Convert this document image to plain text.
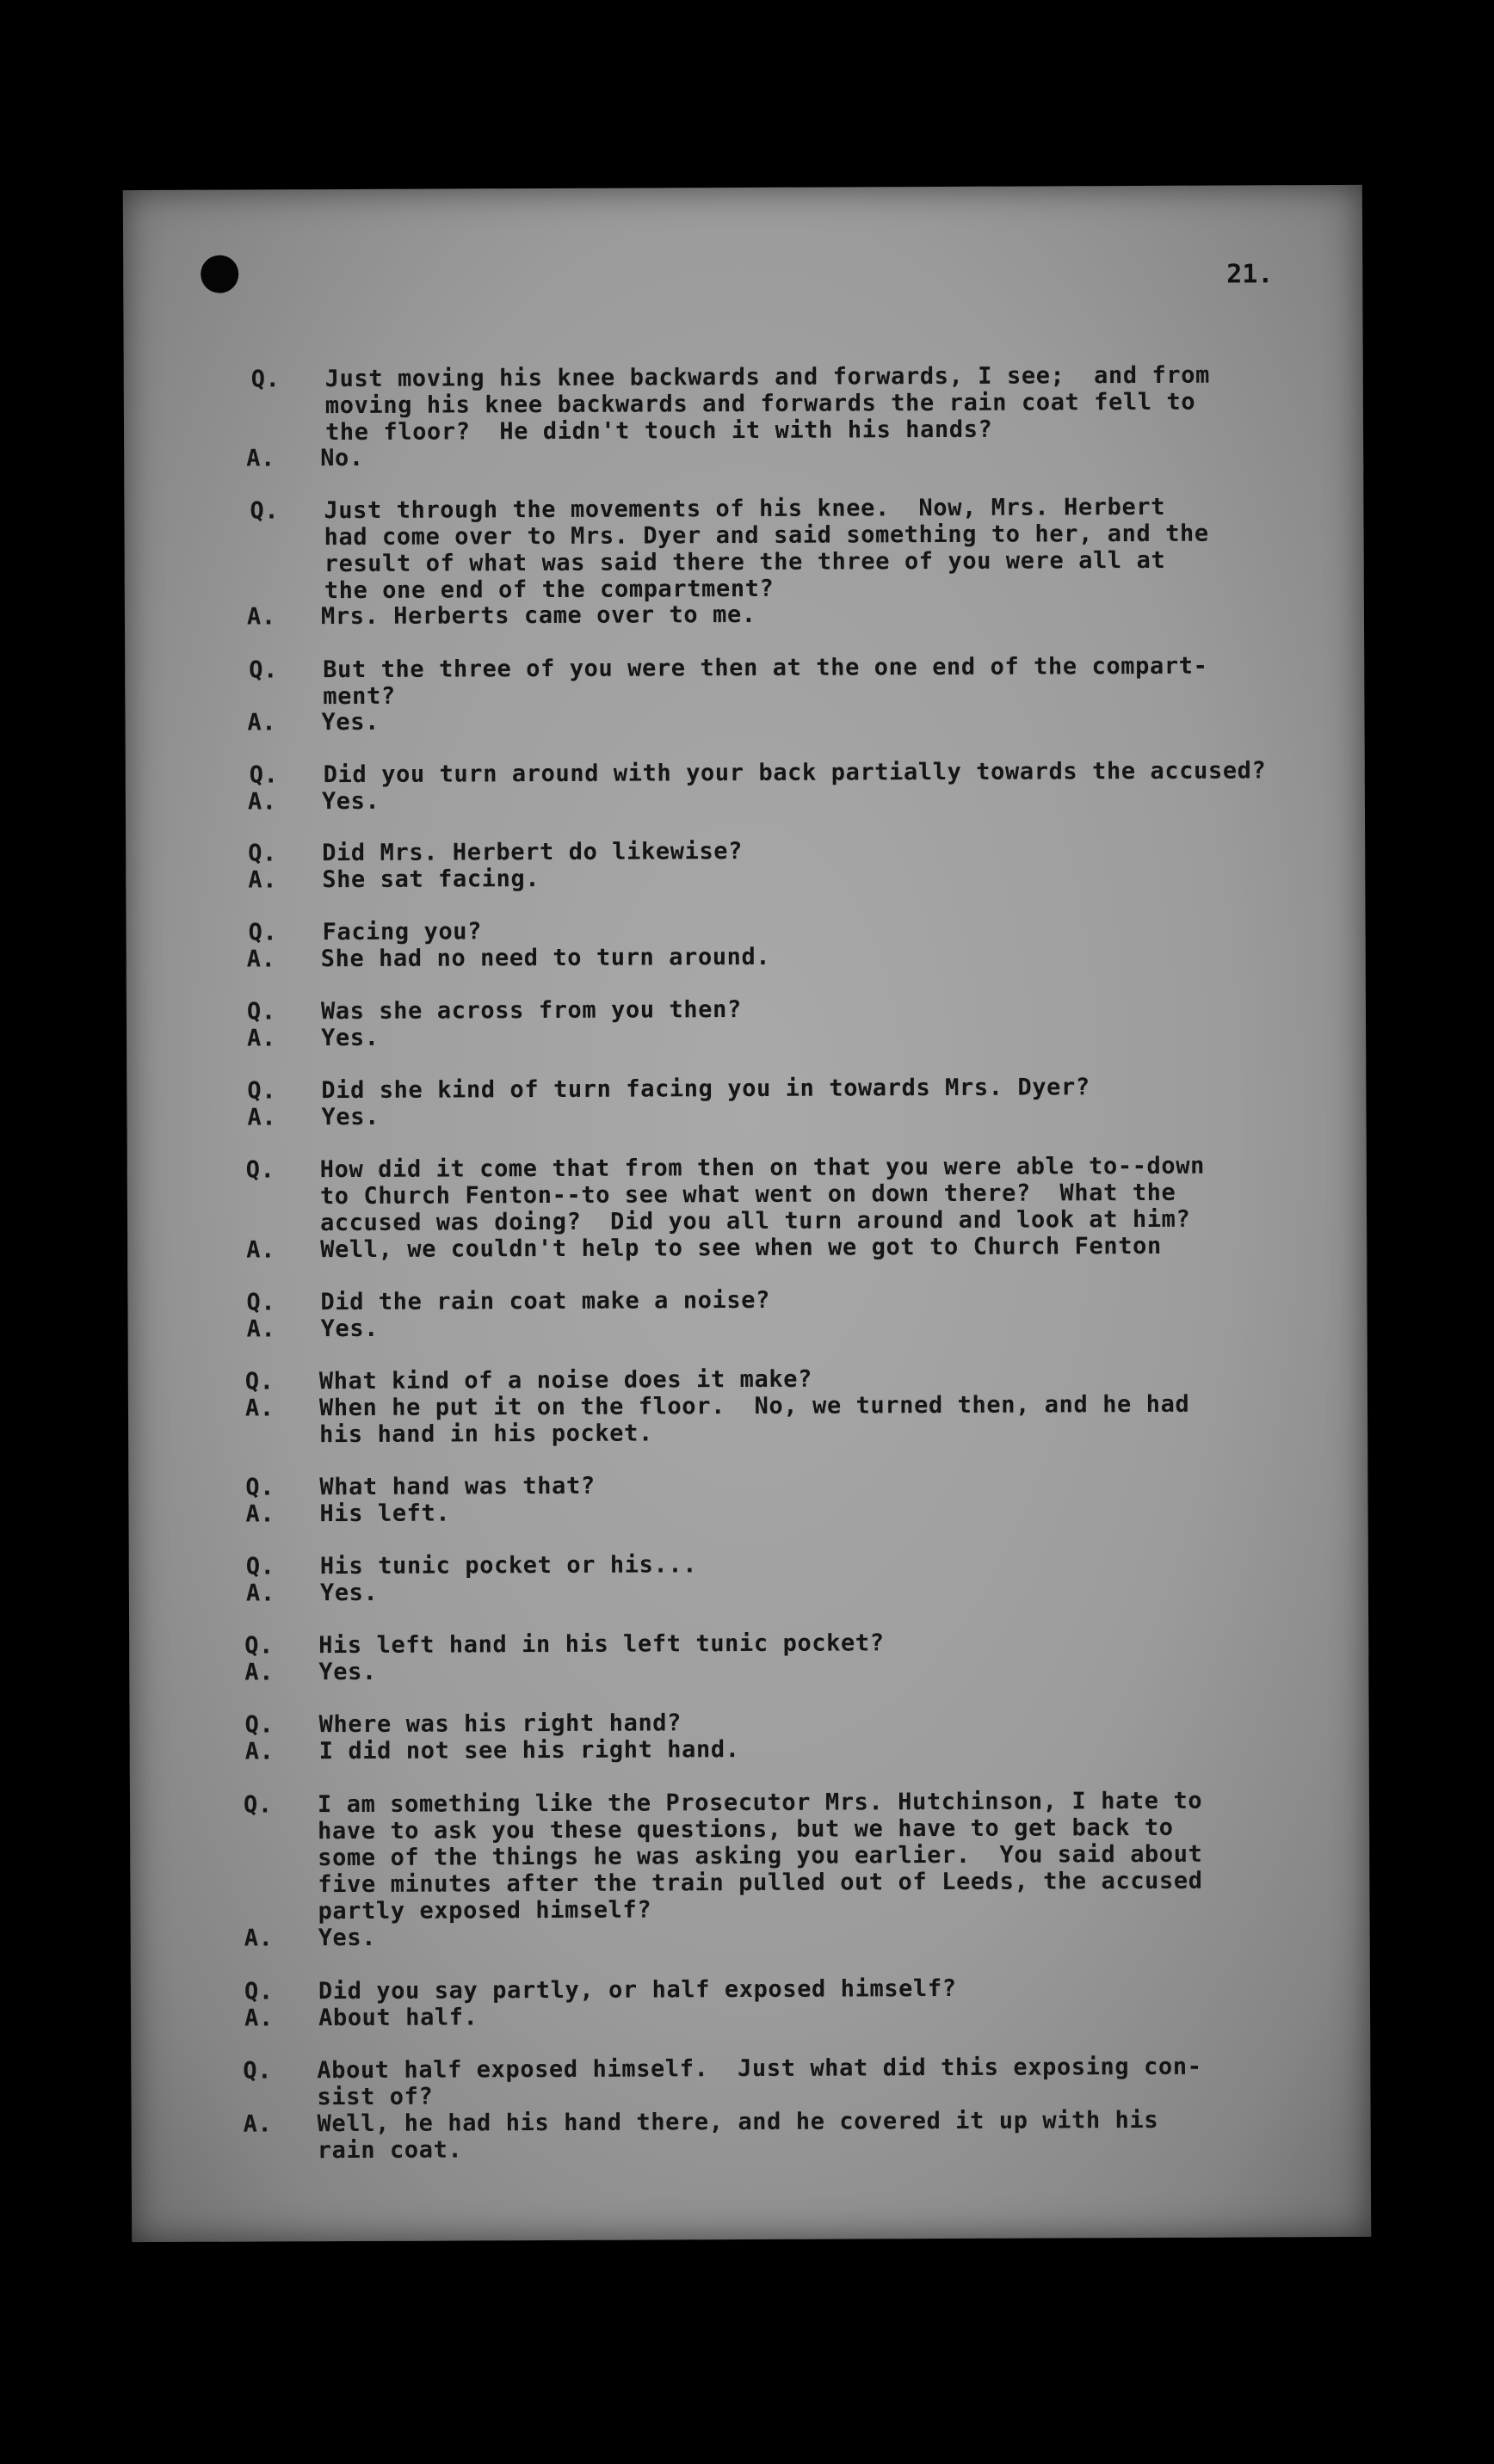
21.
Q.	Just moving his knee backwards and forwards, I see;  and from
moving his knee backwards and forwards the rain coat fell to
the floor?  He didn't touch it with his hands?
A.	No.
Q.	Just through the movements of his knee.  Now, Mrs. Herbert
had come over to Mrs. Dyer and said something to her, and the
result of what was said there the three of you were all at
the one end of the compartment?
A.	Mrs. Herberts came over to me.
Q.	But the three of you were then at the one end of the compart-
ment?
A.	Yes.
Q.	Did you turn around with your back partially towards the accused?
A.	Yes.
Q.	Did Mrs. Herbert do likewise?
A.	She sat facing.
Q.	Facing you?
A.	She had no need to turn around.
Q.	Was she across from you then?
A.	Yes.
Q.	Did she kind of turn facing you in towards Mrs. Dyer?
A.	Yes.
Q.	How did it come that from then on that you were able to--down
to Church Fenton--to see what went on down there?  What the
accused was doing?  Did you all turn around and look at him?
A.	Well, we couldn't help to see when we got to Church Fenton
Q.	Did the rain coat make a noise?
A.	Yes.
Q.	What kind of a noise does it make?
A.	When he put it on the floor.  No, we turned then, and he had
his hand in his pocket.
Q.	What hand was that?
A.	His left.
Q.	His tunic pocket or his...
A.	Yes.
Q.	His left hand in his left tunic pocket?
A.	Yes.
Q.	Where was his right hand?
A.	I did not see his right hand.
Q.	I am something like the Prosecutor Mrs. Hutchinson, I hate to
have to ask you these questions, but we have to get back to
some of the things he was asking you earlier.  You said about
five minutes after the train pulled out of Leeds, the accused
partly exposed himself?
A.	Yes.
Q.	Did you say partly, or half exposed himself?
A.	About half.
Q.	About half exposed himself.  Just what did this exposing con-
sist of?
A.	Well, he had his hand there, and he covered it up with his
rain coat.
